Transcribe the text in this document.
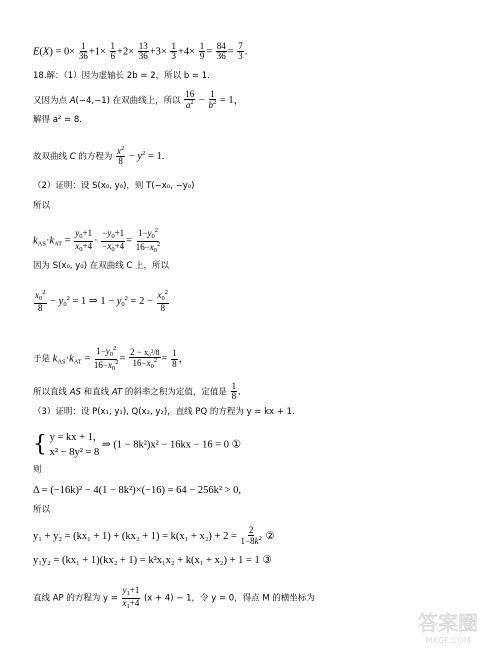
$E(X) = 0\times \frac{1}{36} +1\times \frac{1}{6} +2\times \frac{13}{36} +3\times \frac{1}{3} +4\times \frac{1}{9} = \frac{84}{36} = \frac{7}{3}$ .
18.解：（1）因为虚轴长 2b = 2，所以 b = 1.
又因为点 A(−4,−1) 在双曲线上，所以 $\frac{16}{a^2} - \frac{1}{b^2} = 1$，
解得 a² = 8.
故双曲线 C 的方程为 $\frac{x^2}{8} - y^2 = 1$.
（2）证明：设 S(x₀, y₀)，则 T(−x₀, −y₀)
所以
$k_{AS}\cdot k_{AT} = \frac{y_0+1}{x_0+4} \cdot \frac{-y_0+1}{-x_0+4} = \frac{1-y_0^2}{16-x_0^2}$
因为 S(x₀, y₀) 在双曲线 C 上，所以
$\frac{x_0^2}{8} - y_0^2 = 1$ ⇒ $1 - y_0^2 = 2 - \frac{x_0^2}{8}$
于是 $k_{AS}\cdot k_{AT} = \frac{1-y_0^2}{16-x_0^2} = \frac{\text{2 − x₀²/8}}{16-x_0^2} = \frac{1}{8}$ ，
所以直线 AS 和直线 AT 的斜率之积为定值，定值是 $\frac{1}{8}$ .
（3）证明：设 P(x₁, y₁), Q(x₂, y₂)，直线 PQ 的方程为 y = kx + 1.
{ y = kx + 1,
x² − 8y² = 8
⇒ (1 − 8k²)x² − 16kx − 16 = 0 ①
则
Δ = (−16k)² − 4(1 − 8k²)×(−16) = 64 − 256k² > 0,
所以
$y_1 + y_2 = (kx_1 + 1) + (kx_2 + 1) = k(x_1 + x_2) + 2 = \frac{2}{1-8k^2}$ ②
y₁y₂ = (kx₁ + 1)(kx₂ + 1) = k²x₁x₂ + k(x₁ + x₂) + 1 = 1 ③
直线 AP 的方程为 $y = \frac{y_1+1}{x_1+4} (x + 4) - 1$，令 y = 0，得点 M 的横坐标为
答案圈
MXQE.COM
